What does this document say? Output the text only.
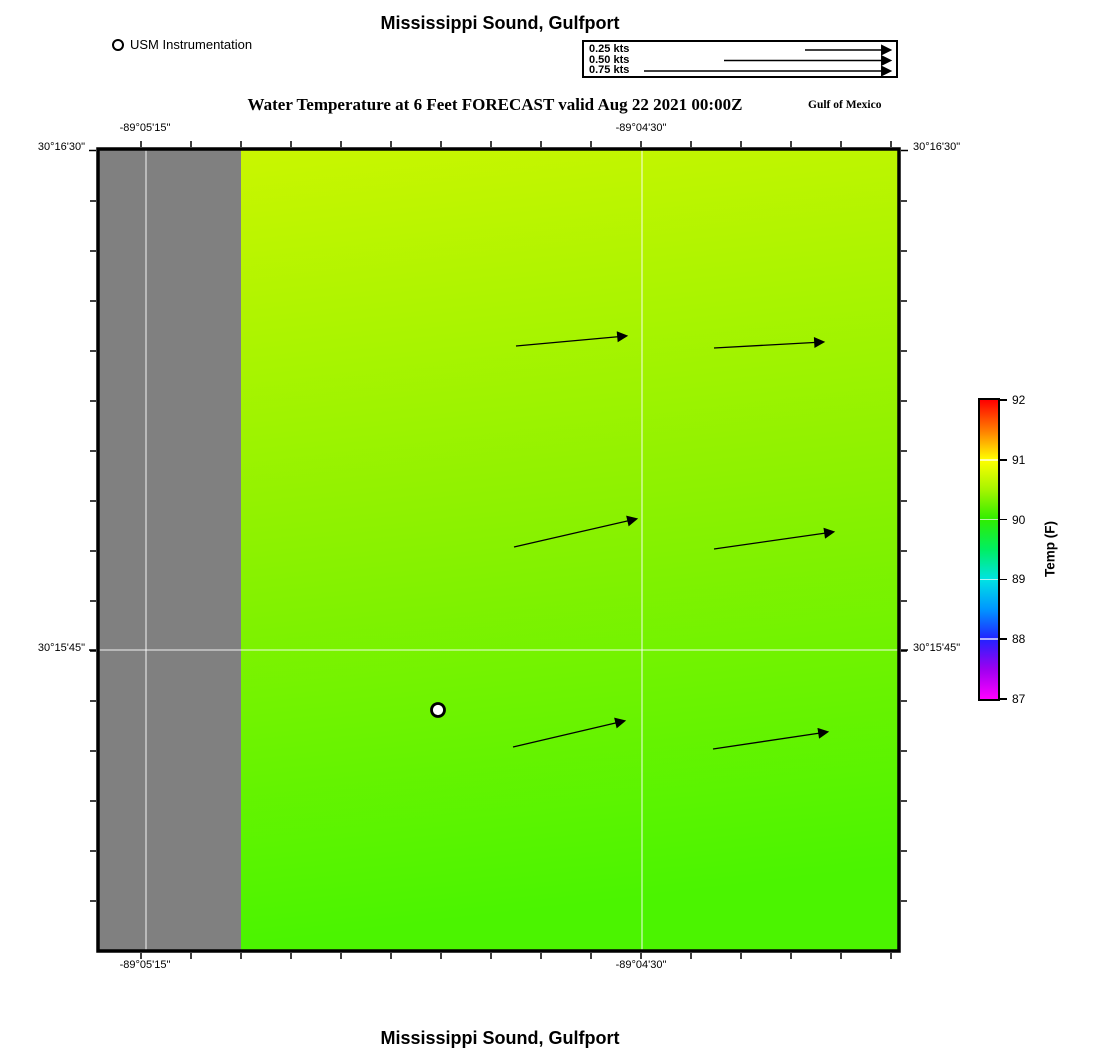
Mississippi Sound, Gulfport
USM Instrumentation	0.25 kts
0.50 kts
0.75 kts
Water Temperature at 6 Feet FORECAST valid Aug 22 2021 00:00Z	Gulf of Mexico
-89°05'15"	-89°04'30"
-89°05'15"	-89°04'30"
30°16'30"
30°15'45"
30°16'30"
30°15'45"
Temp (F)
Mississippi Sound, Gulfport
92
91
90
89
88
87
